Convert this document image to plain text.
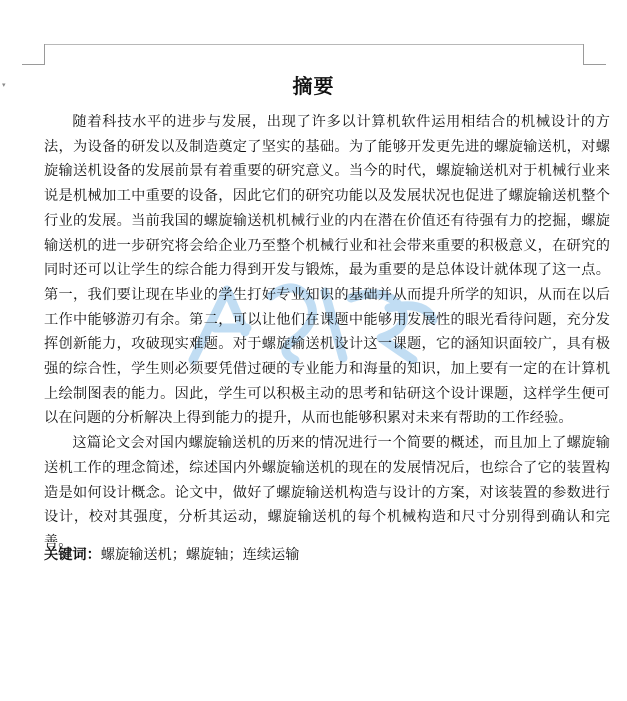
▾	摘要

随着科技水平的进步与发展，出现了许多以计算机软件运用相结合的机械设计的方法，为设备的研发以及制造奠定了坚实的基础。为了能够开发更先进的螺旋输送机，对螺旋输送机设备的发展前景有着重要的研究意义。当今的时代，螺旋输送机对于机械行业来说是机械加工中重要的设备，因此它们的研究功能以及发展状况也促进了螺旋输送机整个行业的发展。当前我国的螺旋输送机机械行业的内在潜在价值还有待强有力的挖掘，螺旋输送机的进一步研究将会给企业乃至整个机械行业和社会带来重要的积极意义，在研究的同时还可以让学生的综合能力得到开发与锻炼，最为重要的是总体设计就体现了这一点。第一，我们要让现在毕业的学生打好专业知识的基础并从而提升所学的知识，从而在以后工作中能够游刃有余。第二，可以让他们在课题中能够用发展性的眼光看待问题，充分发挥创新能力，攻破现实难题。对于螺旋输送机设计这一课题，它的涵知识面较广，具有极强的综合性，学生则必须要凭借过硬的专业能力和海量的知识，加上要有一定的在计算机上绘制图表的能力。因此，学生可以积极主动的思考和钻研这个设计课题，这样学生便可以在问题的分析解决上得到能力的提升，从而也能够积累对未来有帮助的工作经验。

这篇论文会对国内螺旋输送机的历来的情况进行一个简要的概述，而且加上了螺旋输送机工作的理念简述，综述国内外螺旋输送机的现在的发展情况后，也综合了它的装置构造是如何设计概念。论文中，做好了螺旋输送机构造与设计的方案，对该装置的参数进行设计，校对其强度，分析其运动，螺旋输送机的每个机械构造和尺寸分别得到确认和完善。

关键词：螺旋输送机；螺旋轴；连续运输
